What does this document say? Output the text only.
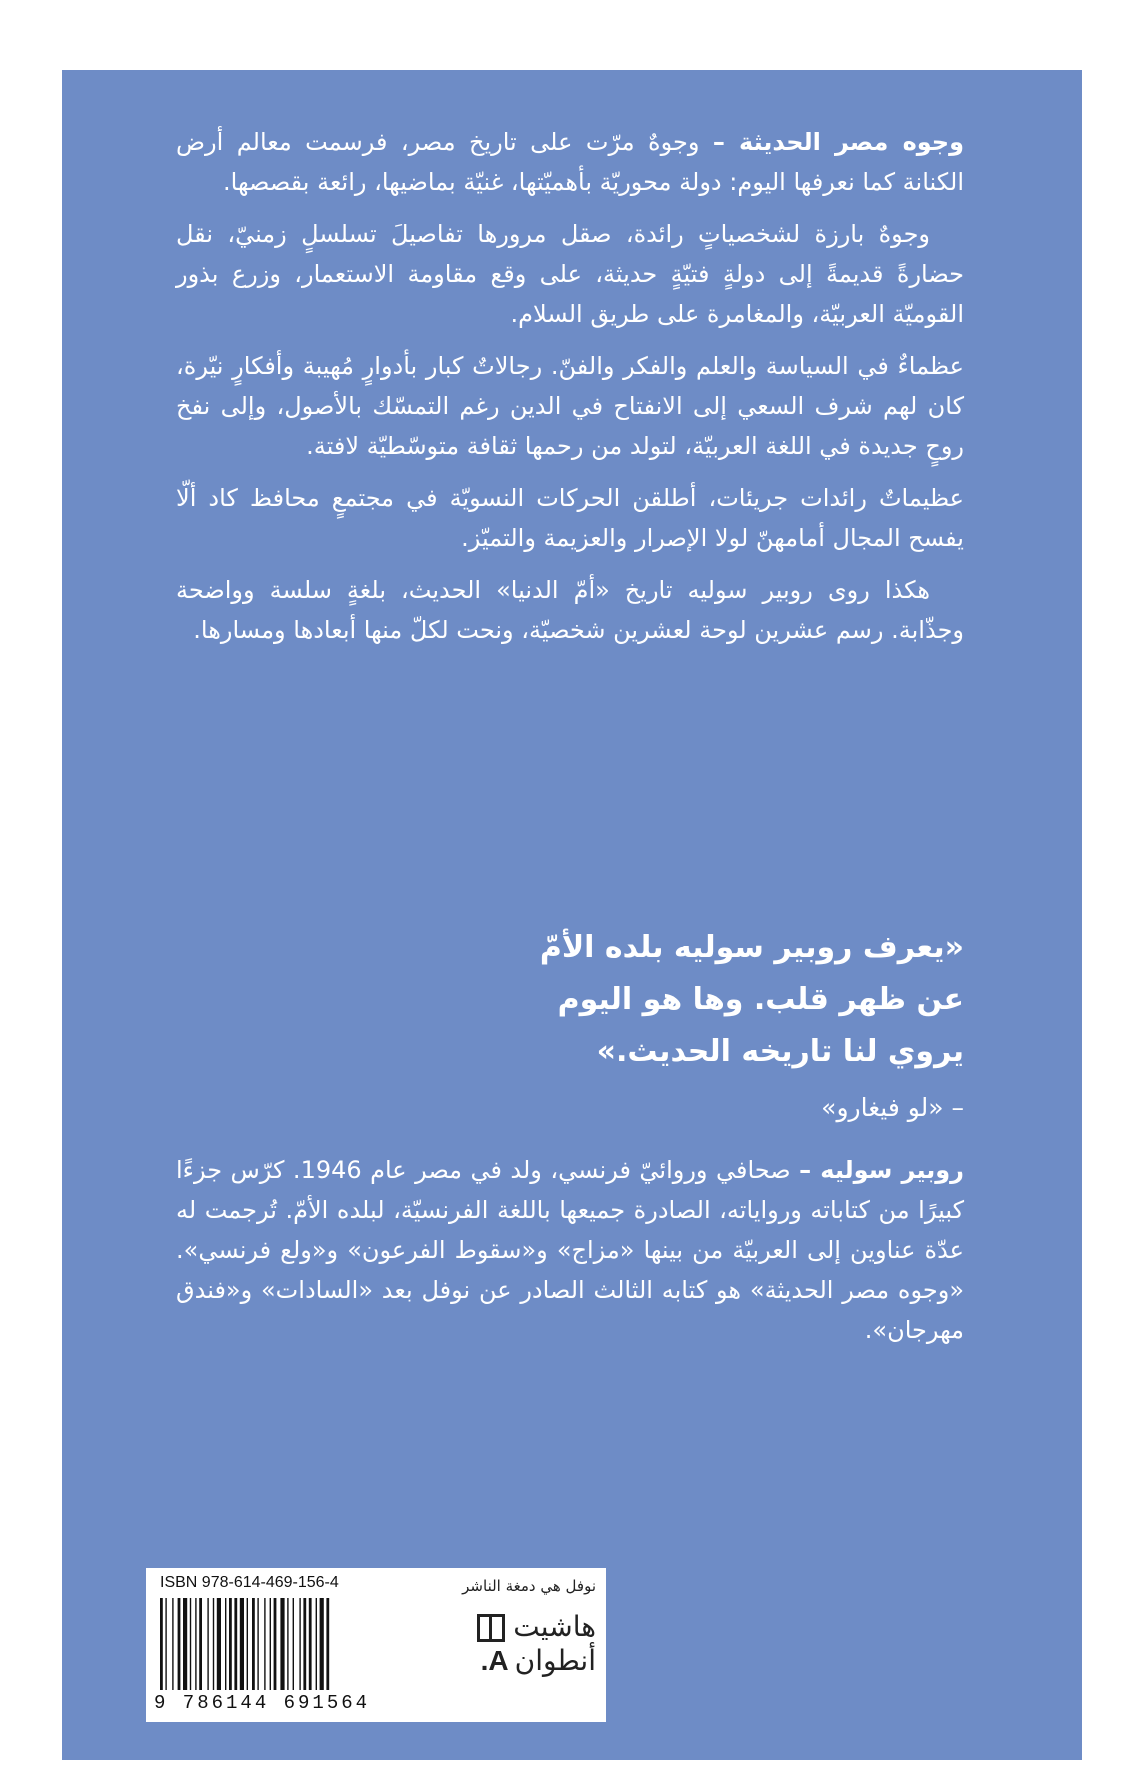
وجوه مصر الحديثة – وجوهٌ مرّت على تاريخ مصر، فرسمت معالم أرض الكنانة كما نعرفها اليوم: دولة محوريّة بأهميّتها، غنيّة بماضيها، رائعة بقصصها.

وجوهٌ بارزة لشخصياتٍ رائدة، صقل مرورها تفاصيلَ تسلسلٍ زمنيّ، نقل حضارةً قديمةً إلى دولةٍ فتيّةٍ حديثة، على وقع مقاومة الاستعمار، وزرع بذور القوميّة العربيّة، والمغامرة على طريق السلام.

عظماءٌ في السياسة والعلم والفكر والفنّ. رجالاتٌ كبار بأدوارٍ مُهيبة وأفكارٍ نيّرة، كان لهم شرف السعي إلى الانفتاح في الدين رغم التمسّك بالأصول، وإلى نفخ روحٍ جديدة في اللغة العربيّة، لتولد من رحمها ثقافة متوسّطيّة لافتة.

عظيماتٌ رائدات جريئات، أطلقن الحركات النسويّة في مجتمعٍ محافظ كاد ألّا يفسح المجال أمامهنّ لولا الإصرار والعزيمة والتميّز.

هكذا روى روبير سوليه تاريخ «أمّ الدنيا» الحديث، بلغةٍ سلسة وواضحة وجذّابة. رسم عشرين لوحة لعشرين شخصيّة، ونحت لكلّ منها أبعادها ومسارها.

«يعرف روبير سوليه بلده الأمّ
عن ظهر قلب. وها هو اليوم
يروي لنا تاريخه الحديث.»
– «لو فيغارو»

روبير سوليه – صحافي وروائيّ فرنسي، ولد في مصر عام 1946. كرّس جزءًا كبيرًا من كتاباته ورواياته، الصادرة جميعها باللغة الفرنسيّة، لبلده الأمّ. تُرجمت له عدّة عناوين إلى العربيّة من بينها «مزاج» و«سقوط الفرعون» و«ولع فرنسي». «وجوه مصر الحديثة» هو كتابه الثالث الصادر عن نوفل بعد «السادات» و«فندق مهرجان».

ISBN 978-614-469-156-4
9 786144 691564
نوفل هي دمغة الناشر
هاشيت
أنطوانA.
